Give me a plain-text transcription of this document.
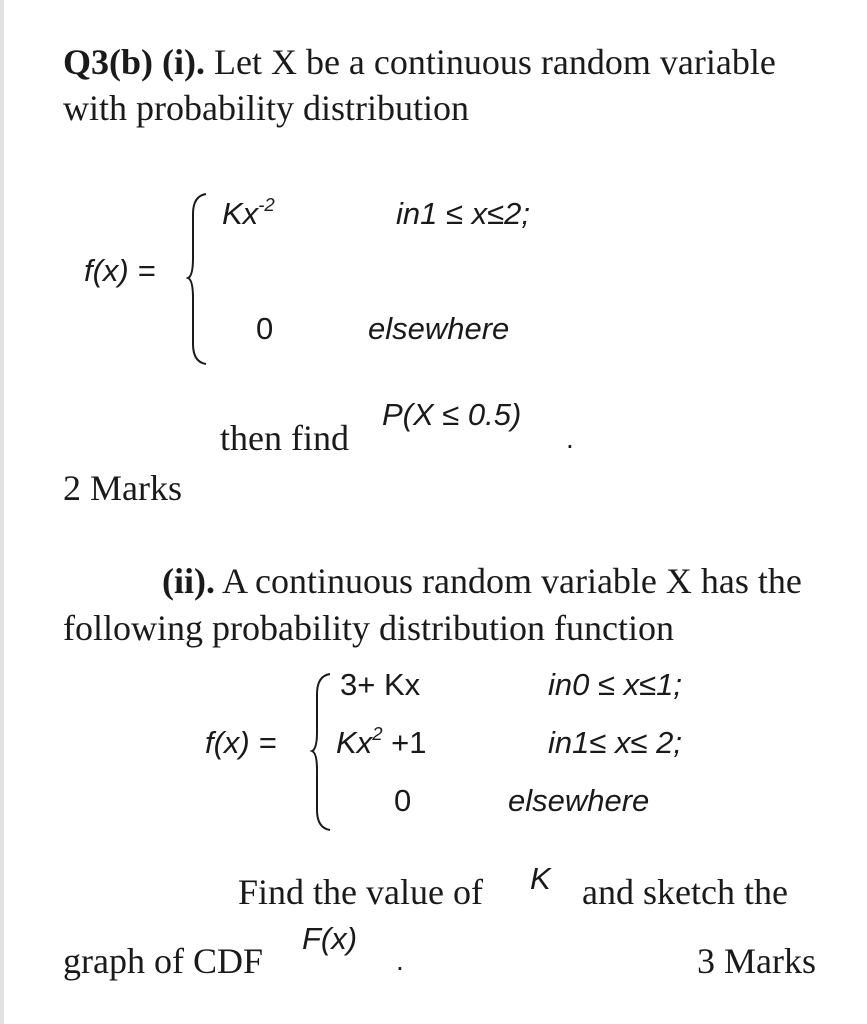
Q3(b) (i). Let X be a continuous random variable
with probability distribution
f(x) =
$Kx^{-2}$	in1 ≤ x≤2;
0	elsewhere
then find
P(X ≤ 0.5)
.
2 Marks
(ii). A continuous random variable X has the
following probability distribution function
f(x) =
3+ Kx	in0 ≤ x≤1;
$Kx^2 +1$	in1≤ x≤ 2;
0	elsewhere
Find the value of K and sketch the
graph of CDF
F(x)
.	3 Marks
